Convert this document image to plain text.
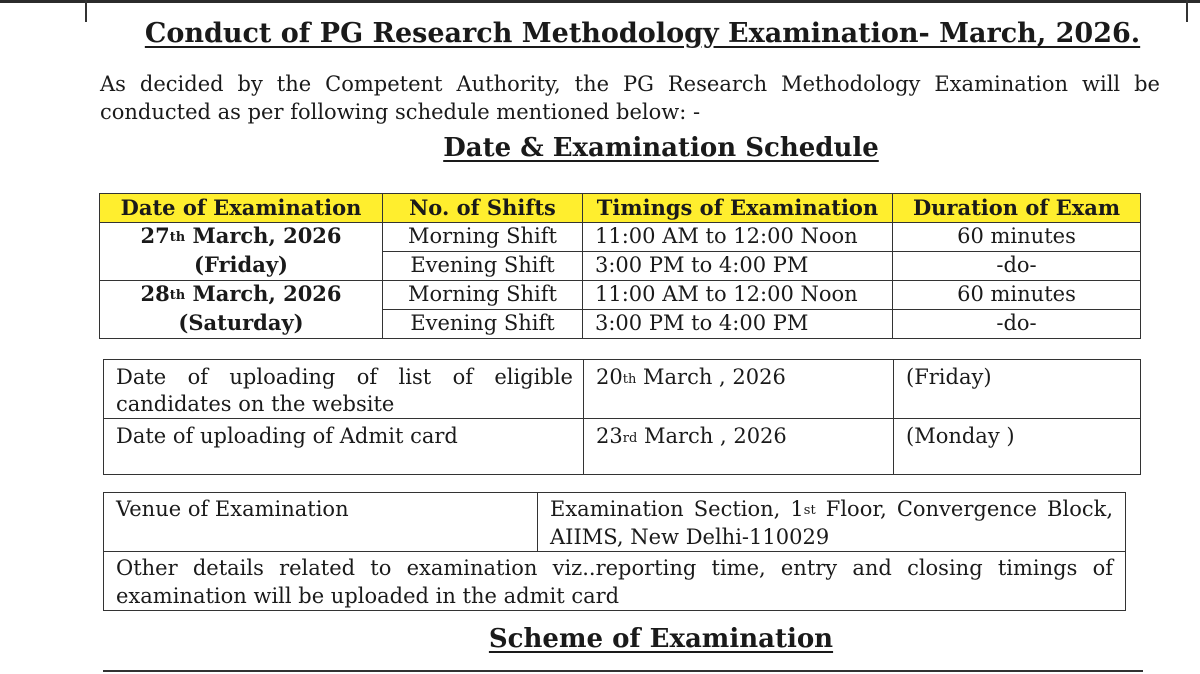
Conduct of PG Research Methodology Examination- March, 2026.
As decided by the Competent Authority, the PG Research Methodology Examination will be conducted as per following schedule mentioned below: -
Date & Examination Schedule
Date of Examination	No. of Shifts	Timings of Examination	Duration of Exam
27th March, 2026	Morning Shift	11:00 AM to 12:00 Noon	60 minutes
(Friday)	Evening Shift	3:00 PM to 4:00 PM	-do-
28th March, 2026	Morning Shift	11:00 AM to 12:00 Noon	60 minutes
(Saturday)	Evening Shift	3:00 PM to 4:00 PM	-do-
Date of uploading of list of eligible candidates on the website	20th March , 2026	(Friday)
Date of uploading of Admit card	23rd March , 2026	(Monday )
Venue of Examination	Examination Section, 1st Floor, Convergence Block, AIIMS, New Delhi-110029
Other details related to examination viz..reporting time, entry and closing timings of examination will be uploaded in the admit card
Scheme of Examination
